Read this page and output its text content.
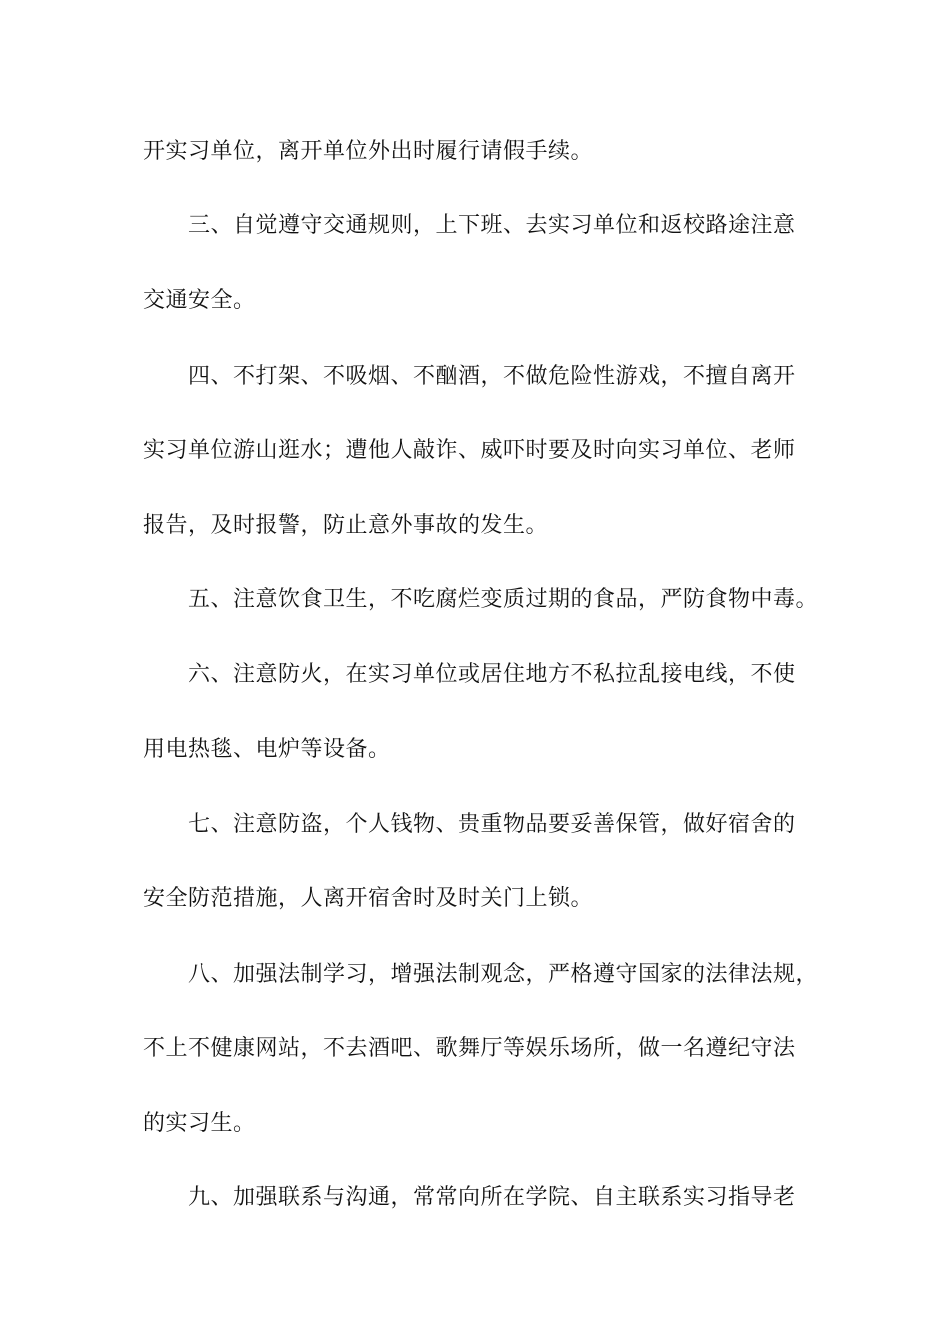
开实习单位，离开单位外出时履行请假手续。
三、自觉遵守交通规则，上下班、去实习单位和返校路途注意
交通安全。
四、不打架、不吸烟、不酗酒，不做危险性游戏，不擅自离开
实习单位游山逛水；遭他人敲诈、威吓时要及时向实习单位、老师
报告，及时报警，防止意外事故的发生。
五、注意饮食卫生，不吃腐烂变质过期的食品，严防食物中毒。
六、注意防火，在实习单位或居住地方不私拉乱接电线，不使
用电热毯、电炉等设备。
七、注意防盗，个人钱物、贵重物品要妥善保管，做好宿舍的
安全防范措施，人离开宿舍时及时关门上锁。
八、加强法制学习，增强法制观念，严格遵守国家的法律法规，
不上不健康网站，不去酒吧、歌舞厅等娱乐场所，做一名遵纪守法
的实习生。
九、加强联系与沟通，常常向所在学院、自主联系实习指导老
